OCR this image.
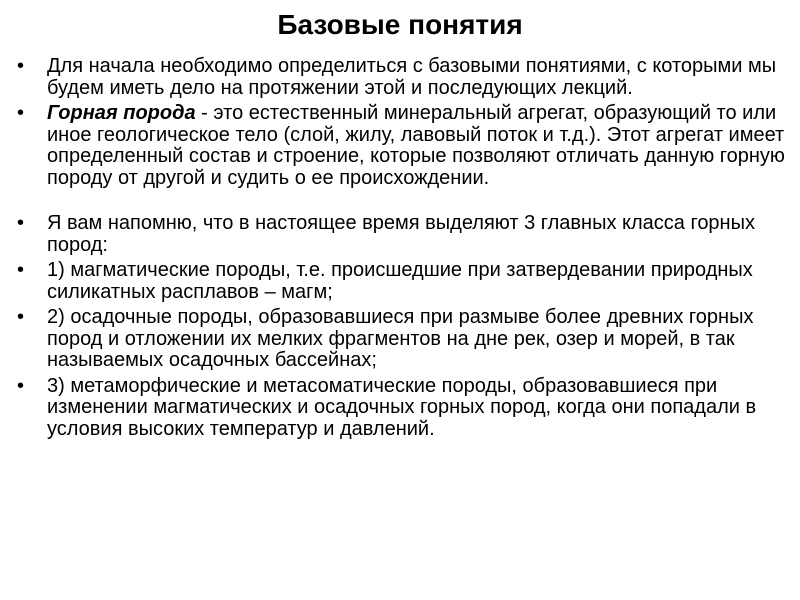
Базовые понятия
•	Для начала необходимо определиться с базовыми понятиями, с которыми мы будем иметь дело на протяжении этой и последующих лекций.
•	Горная порода - это естественный минеральный агрегат, образующий то или иное геологическое тело (слой, жилу, лавовый поток и т.д.). Этот агрегат имеет определенный состав и строение, которые позволяют отличать данную горную породу от другой и судить о ее происхождении.
•	Я вам напомню, что в настоящее время выделяют 3 главных класса горных пород:
•	1) магматические породы, т.е. происшедшие при затвердевании природных силикатных расплавов – магм;
•	2) осадочные породы, образовавшиеся при размыве более древних горных пород и отложении их мелких фрагментов на дне рек, озер и морей, в так называемых осадочных бассейнах;
•	3) метаморфические и метасоматические породы, образовавшиеся при изменении магматических и осадочных горных пород, когда они попадали в условия высоких температур и давлений.
